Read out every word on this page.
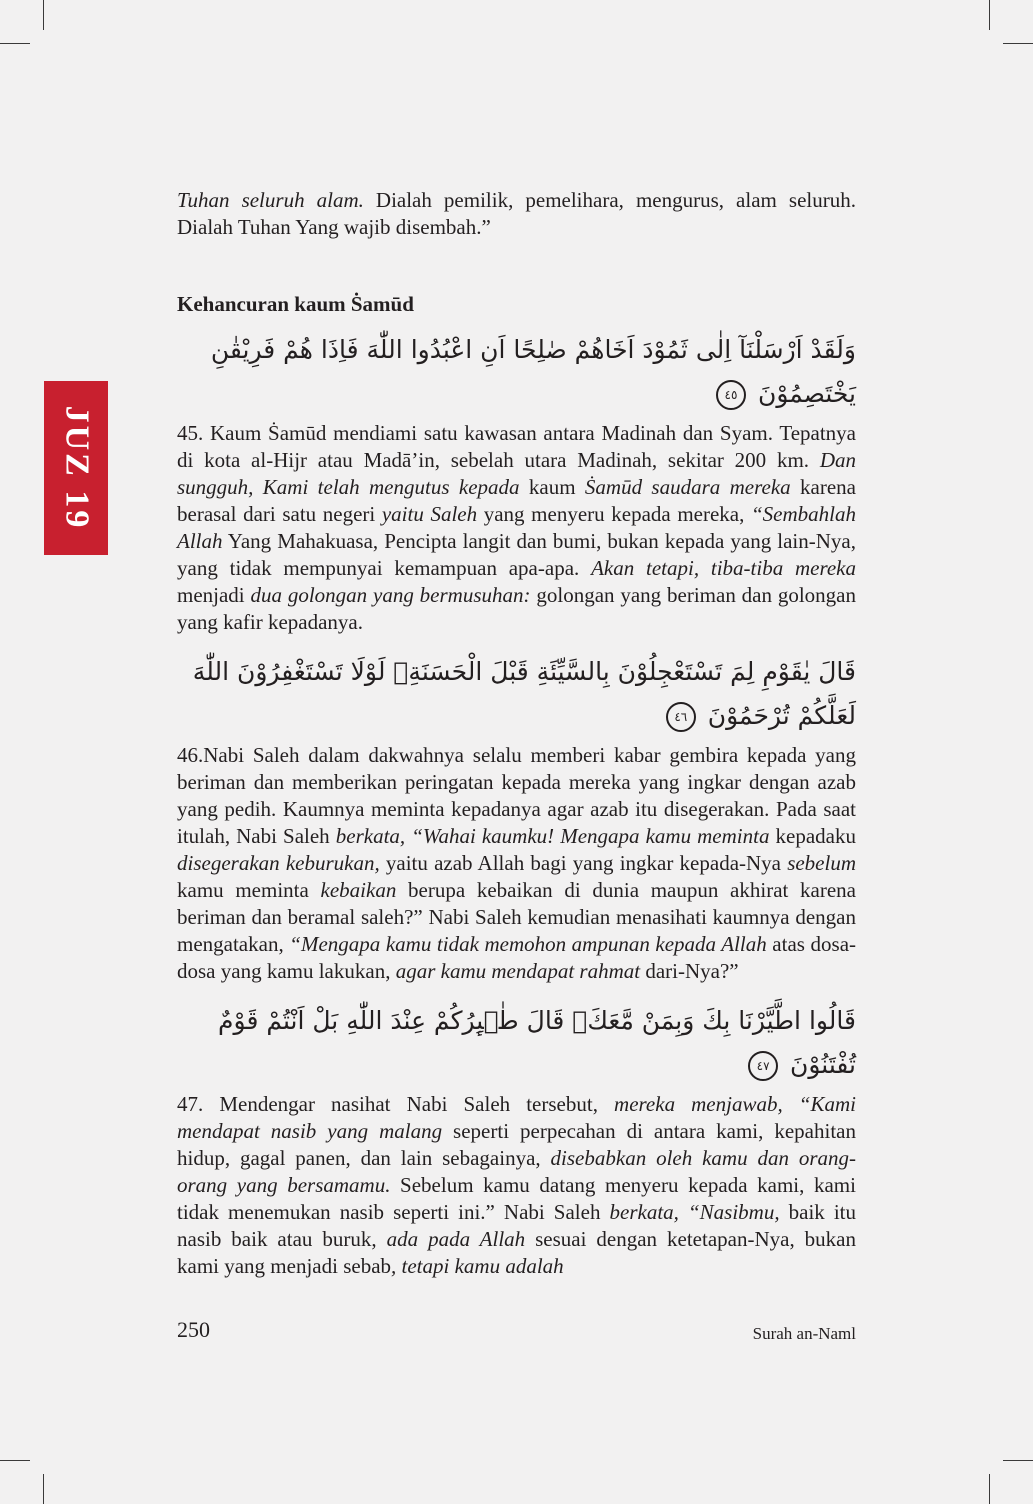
JUZ 19

Tuhan seluruh alam. Dialah pemilik, pemelihara, mengurus, alam seluruh. Dialah Tuhan Yang wajib disembah.”

Kehancuran kaum Ṡamūd

وَلَقَدْ اَرْسَلْنَآ اِلٰى ثَمُوْدَ اَخَاهُمْ صٰلِحًا اَنِ اعْبُدُوا اللّٰهَ فَاِذَا هُمْ فَرِيْقٰنِ يَخْتَصِمُوْنَ ٤٥

45. Kaum Ṡamūd mendiami satu kawasan antara Madinah dan Syam. Tepatnya di kota al-Hijr atau Madā’in, sebelah utara Madinah, sekitar 200 km. Dan sungguh, Kami telah mengutus kepada kaum Ṡamūd saudara mereka karena berasal dari satu negeri yaitu Saleh yang menyeru kepada mereka, “Sembahlah Allah Yang Mahakuasa, Pencipta langit dan bumi, bukan kepada yang lain-Nya, yang tidak mempunyai kemampuan apa-apa. Akan tetapi, tiba-tiba mereka menjadi dua golongan yang bermusuhan: golongan yang beriman dan golongan yang kafir kepadanya.

قَالَ يٰقَوْمِ لِمَ تَسْتَعْجِلُوْنَ بِالسَّيِّئَةِ قَبْلَ الْحَسَنَةِۚ لَوْلَا تَسْتَغْفِرُوْنَ اللّٰهَ لَعَلَّكُمْ تُرْحَمُوْنَ ٤٦

46.Nabi Saleh dalam dakwahnya selalu memberi kabar gembira kepada yang beriman dan memberikan peringatan kepada mereka yang ingkar dengan azab yang pedih. Kaumnya meminta kepadanya agar azab itu disegerakan. Pada saat itulah, Nabi Saleh berkata, “Wahai kaumku! Mengapa kamu meminta kepadaku disegerakan keburukan, yaitu azab Allah bagi yang ingkar kepada-Nya sebelum kamu meminta kebaikan berupa kebaikan di dunia maupun akhirat karena beriman dan beramal saleh?” Nabi Saleh kemudian menasihati kaumnya dengan mengatakan, “Mengapa kamu tidak memohon ampunan kepada Allah atas dosa-dosa yang kamu lakukan, agar kamu mendapat rahmat dari-Nya?”

قَالُوا اطَّيَّرْنَا بِكَ وَبِمَنْ مَّعَكَۗ قَالَ طٰۤىِٕرُكُمْ عِنْدَ اللّٰهِ بَلْ اَنْتُمْ قَوْمٌ تُفْتَنُوْنَ ٤٧

47. Mendengar nasihat Nabi Saleh tersebut, mereka menjawab, “Kami mendapat nasib yang malang seperti perpecahan di antara kami, kepahitan hidup, gagal panen, dan lain sebagainya, disebabkan oleh kamu dan orang-orang yang bersamamu. Sebelum kamu datang menyeru kepada kami, kami tidak menemukan nasib seperti ini.” Nabi Saleh berkata, “Nasibmu, baik itu nasib baik atau buruk, ada pada Allah sesuai dengan ketetapan-Nya, bukan kami yang menjadi sebab, tetapi kamu adalah

250	Surah an-Naml
